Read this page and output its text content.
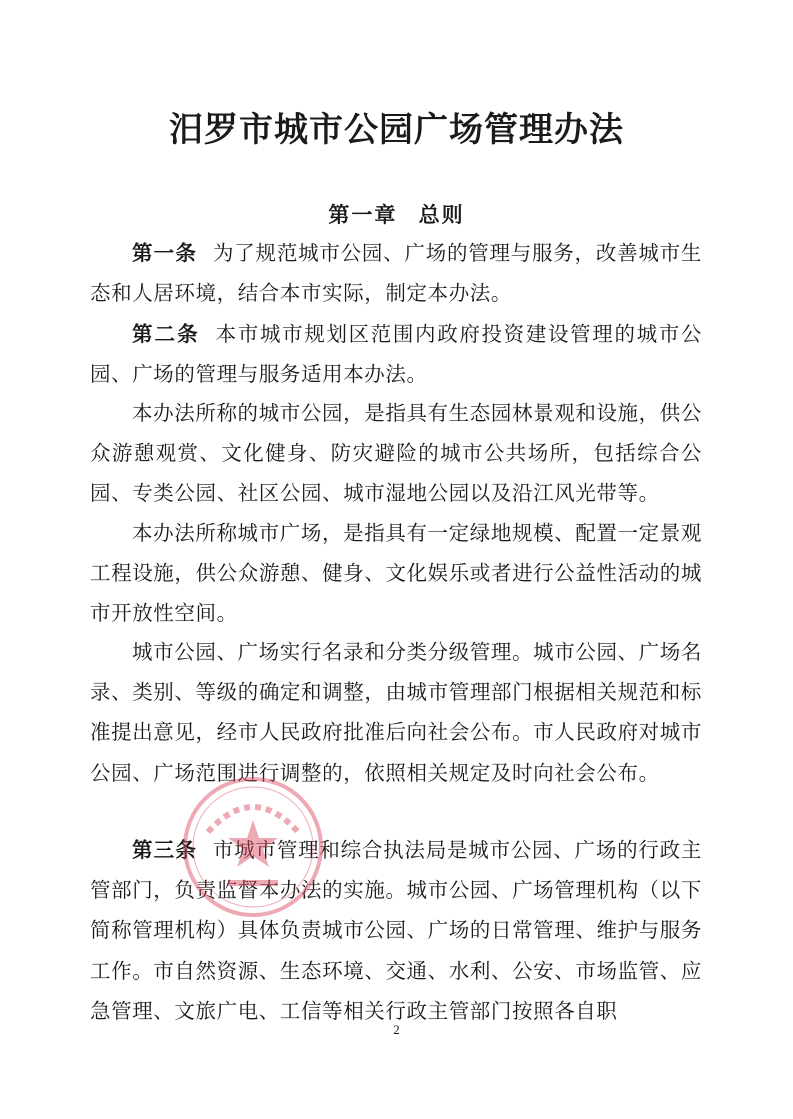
汨罗市城市公园广场管理办法
第一章 总则

第一条 为了规范城市公园、广场的管理与服务，改善城市生态和人居环境，结合本市实际，制定本办法。

第二条 本市城市规划区范围内政府投资建设管理的城市公园、广场的管理与服务适用本办法。

本办法所称的城市公园，是指具有生态园林景观和设施，供公众游憩观赏、文化健身、防灾避险的城市公共场所，包括综合公园、专类公园、社区公园、城市湿地公园以及沿江风光带等。

本办法所称城市广场，是指具有一定绿地规模、配置一定景观工程设施，供公众游憩、健身、文化娱乐或者进行公益性活动的城市开放性空间。

城市公园、广场实行名录和分类分级管理。城市公园、广场名录、类别、等级的确定和调整，由城市管理部门根据相关规范和标准提出意见，经市人民政府批准后向社会公布。市人民政府对城市公园、广场范围进行调整的，依照相关规定及时向社会公布。

第三条 市城市管理和综合执法局是城市公园、广场的行政主管部门，负责监督本办法的实施。城市公园、广场管理机构（以下简称管理机构）具体负责城市公园、广场的日常管理、维护与服务工作。市自然资源、生态环境、交通、水利、公安、市场监管、应急管理、文旅广电、工信等相关行政主管部门按照各自职

2
